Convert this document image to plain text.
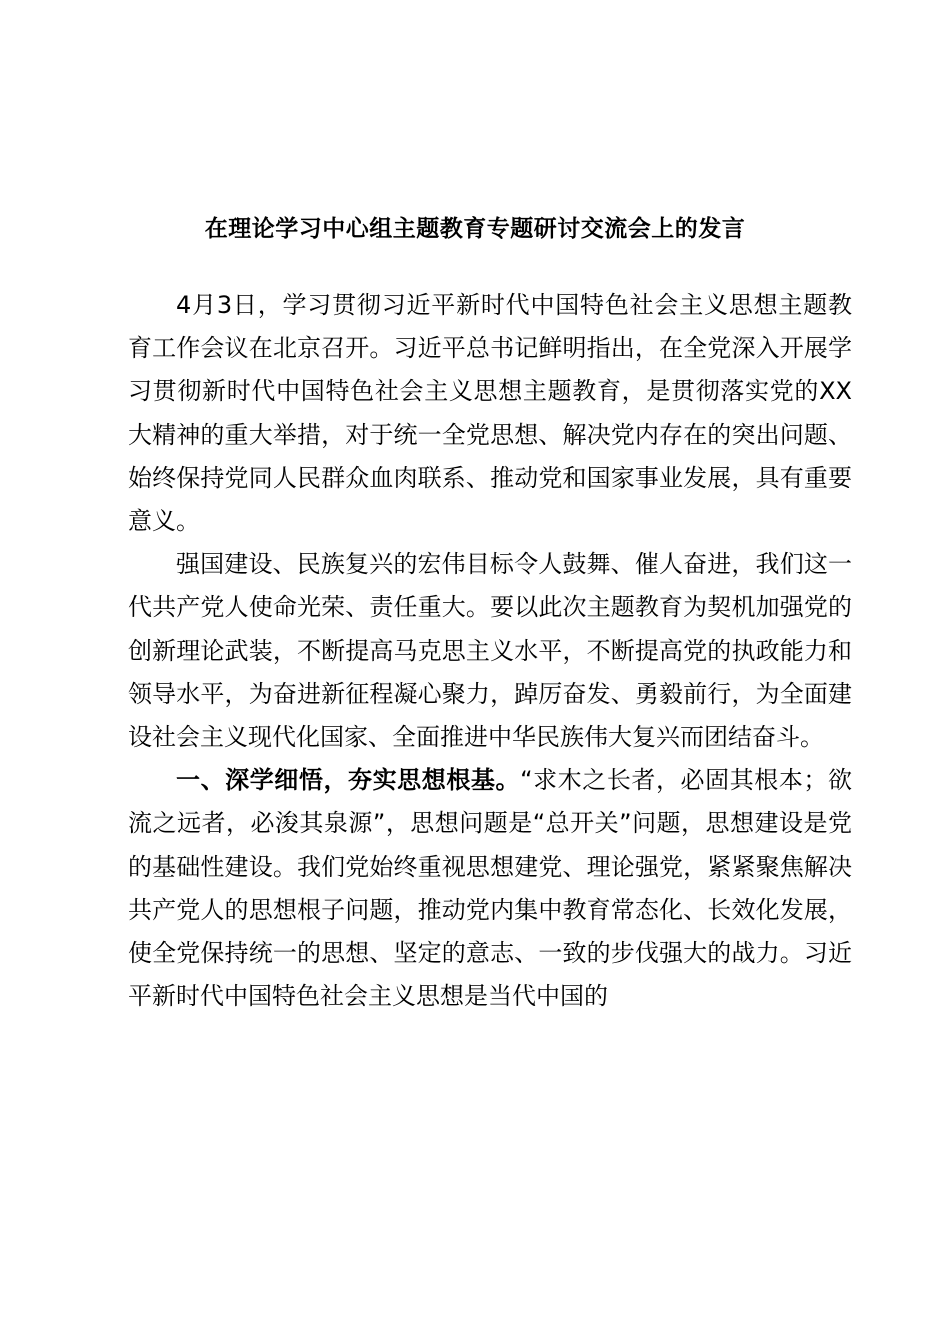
在理论学习中心组主题教育专题研讨交流会上的发言

4月3日，学习贯彻习近平新时代中国特色社会主义思想主题教育工作会议在北京召开。习近平总书记鲜明指出，在全党深入开展学习贯彻新时代中国特色社会主义思想主题教育，是贯彻落实党的XX大精神的重大举措，对于统一全党思想、解决党内存在的突出问题、始终保持党同人民群众血肉联系、推动党和国家事业发展，具有重要意义。

强国建设、民族复兴的宏伟目标令人鼓舞、催人奋进，我们这一代共产党人使命光荣、责任重大。要以此次主题教育为契机加强党的创新理论武装，不断提高马克思主义水平，不断提高党的执政能力和领导水平，为奋进新征程凝心聚力，踔厉奋发、勇毅前行，为全面建设社会主义现代化国家、全面推进中华民族伟大复兴而团结奋斗。

一、深学细悟，夯实思想根基。“求木之长者，必固其根本；欲流之远者，必浚其泉源”，思想问题是“总开关”问题，思想建设是党的基础性建设。我们党始终重视思想建党、理论强党，紧紧聚焦解决共产党人的思想根子问题，推动党内集中教育常态化、长效化发展，使全党保持统一的思想、坚定的意志、一致的步伐强大的战力。习近平新时代中国特色社会主义思想是当代中国的
